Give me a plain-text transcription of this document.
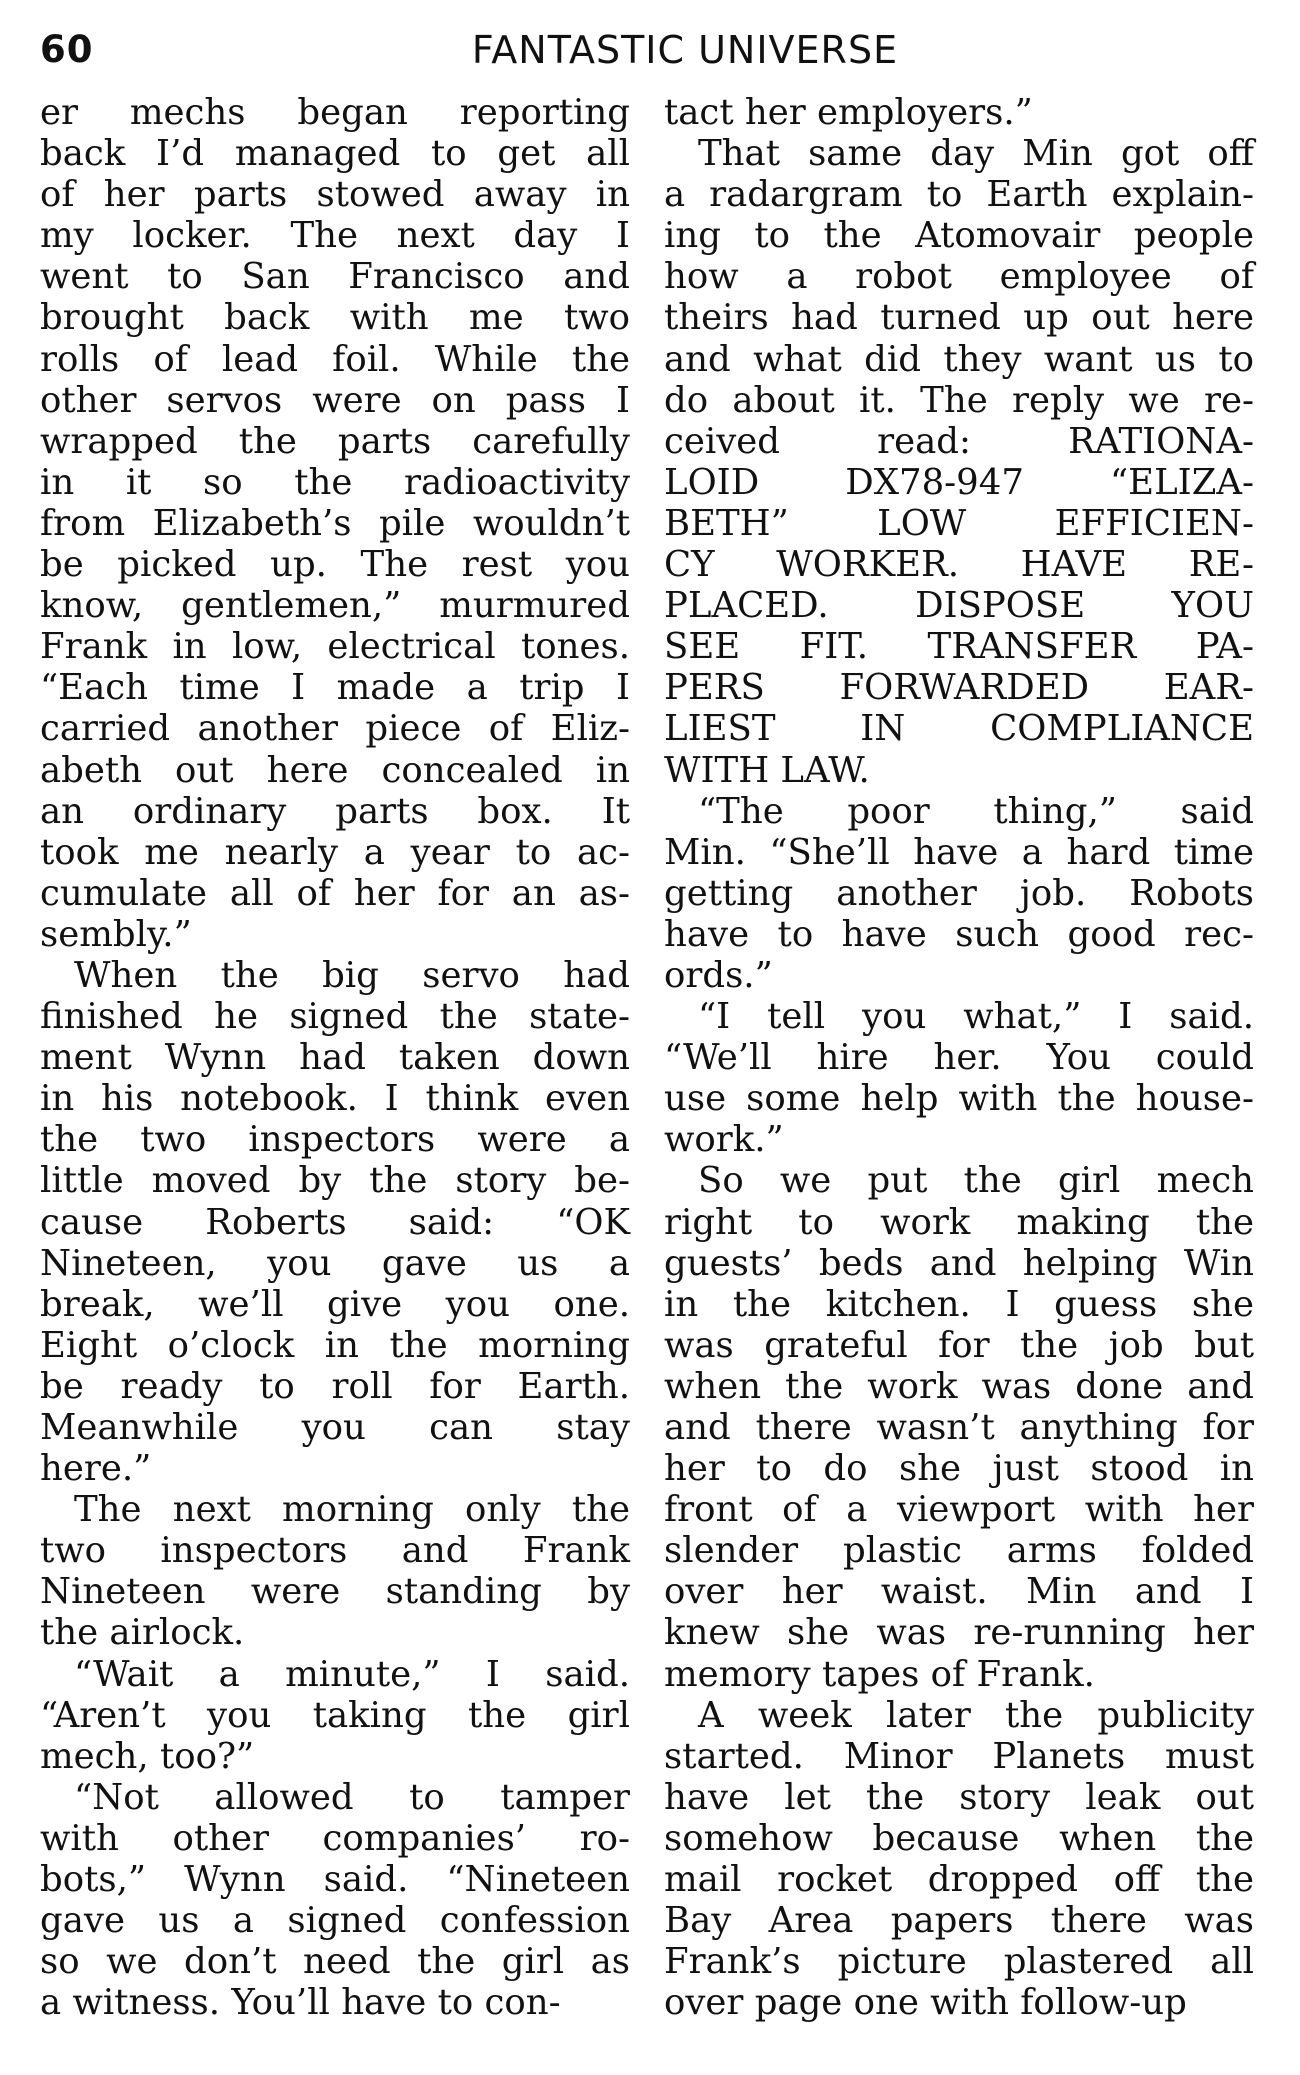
60	FANTASTIC UNIVERSE
er mechs began reporting
back I’d managed to get all
of her parts stowed away in
my locker. The next day I
went to San Francisco and
brought back with me two
rolls of lead foil. While the
other servos were on pass I
wrapped the parts carefully
in it so the radioactivity
from Elizabeth’s pile wouldn’t
be picked up. The rest you
know, gentlemen,” murmured
Frank in low, electrical tones.
“Each time I made a trip I
carried another piece of Eliz-
abeth out here concealed in
an ordinary parts box. It
took me nearly a year to ac-
cumulate all of her for an as-
sembly.”
When the big servo had
finished he signed the state-
ment Wynn had taken down
in his notebook. I think even
the two inspectors were a
little moved by the story be-
cause Roberts said: “OK
Nineteen, you gave us a
break, we’ll give you one.
Eight o’clock in the morning
be ready to roll for Earth.
Meanwhile you can stay
here.”
The next morning only the
two inspectors and Frank
Nineteen were standing by
the airlock.
“Wait a minute,” I said.
“Aren’t you taking the girl
mech, too?”
“Not allowed to tamper
with other companies’ ro-
bots,” Wynn said. “Nineteen
gave us a signed confession
so we don’t need the girl as
a witness. You’ll have to con-
tact her employers.”
That same day Min got off
a radargram to Earth explain-
ing to the Atomovair people
how a robot employee of
theirs had turned up out here
and what did they want us to
do about it. The reply we re-
ceived read: RATIONA-
LOID DX78-947 “ELIZA-
BETH” LOW EFFICIEN-
CY WORKER. HAVE RE-
PLACED. DISPOSE YOU
SEE FIT. TRANSFER PA-
PERS FORWARDED EAR-
LIEST IN COMPLIANCE
WITH LAW.
“The poor thing,” said
Min. “She’ll have a hard time
getting another job. Robots
have to have such good rec-
ords.”
“I tell you what,” I said.
“We’ll hire her. You could
use some help with the house-
work.”
So we put the girl mech
right to work making the
guests’ beds and helping Win
in the kitchen. I guess she
was grateful for the job but
when the work was done and
and there wasn’t anything for
her to do she just stood in
front of a viewport with her
slender plastic arms folded
over her waist. Min and I
knew she was re-running her
memory tapes of Frank.
A week later the publicity
started. Minor Planets must
have let the story leak out
somehow because when the
mail rocket dropped off the
Bay Area papers there was
Frank’s picture plastered all
over page one with follow-up
